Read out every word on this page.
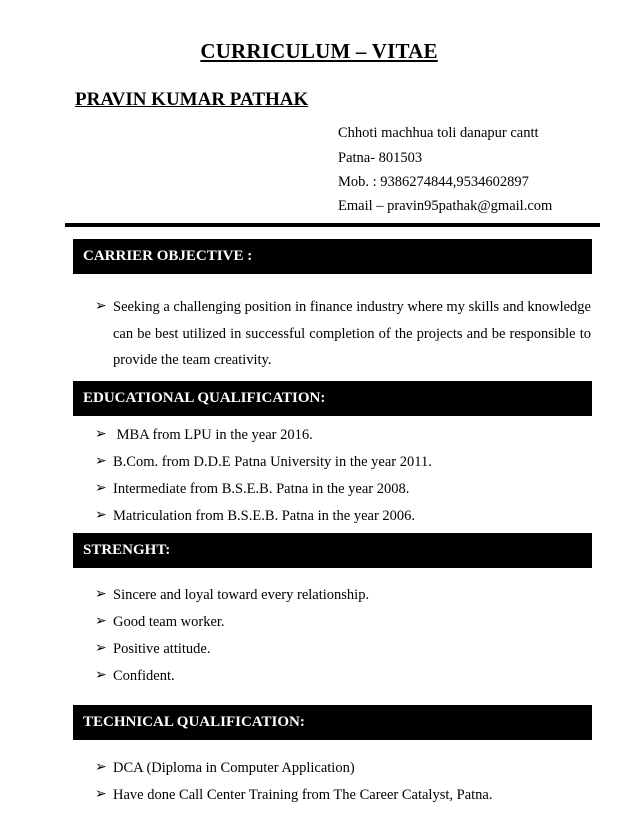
CURRICULUM – VITAE
PRAVIN KUMAR PATHAK
Chhoti machhua toli danapur cantt
Patna- 801503
Mob. : 9386274844,9534602897
Email – pravin95pathak@gmail.com
CARRIER OBJECTIVE :
➢ Seeking a challenging position in finance industry where my skills and knowledge can be best utilized in successful completion of the projects and be responsible to provide the team creativity.
EDUCATIONAL QUALIFICATION:
➢ MBA from LPU in the year 2016.
➢ B.Com. from D.D.E Patna University in the year 2011.
➢ Intermediate from B.S.E.B. Patna in the year 2008.
➢ Matriculation from B.S.E.B. Patna in the year 2006.
STRENGHT:
➢ Sincere and loyal toward every relationship.
➢ Good team worker.
➢ Positive attitude.
➢ Confident.
TECHNICAL QUALIFICATION:
➢ DCA (Diploma in Computer Application)
➢ Have done Call Center Training from The Career Catalyst, Patna.
